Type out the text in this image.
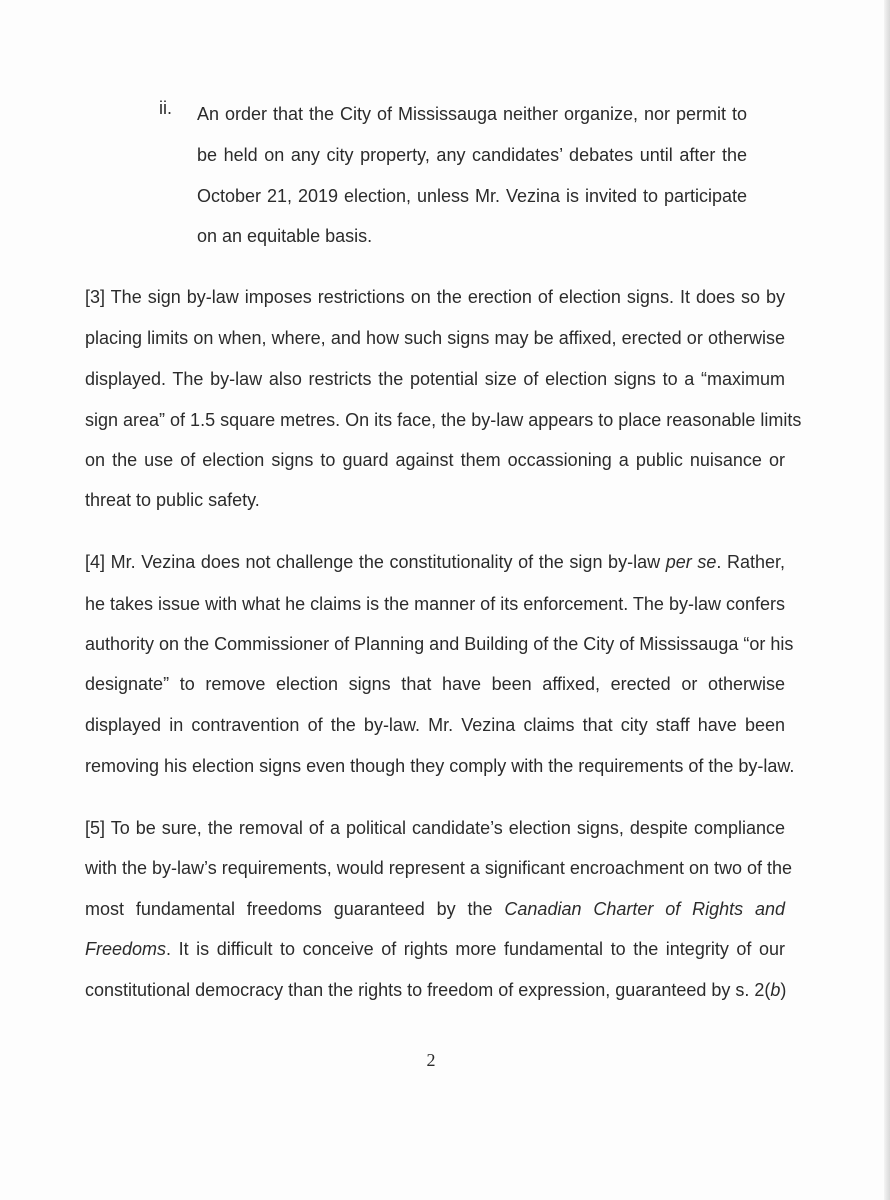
ii. An order that the City of Mississauga neither organize, nor permit to
be held on any city property, any candidates’ debates until after the
October 21, 2019 election, unless Mr. Vezina is invited to participate
on an equitable basis.
[3] The sign by-law imposes restrictions on the erection of election signs. It does so by
placing limits on when, where, and how such signs may be affixed, erected or otherwise
displayed. The by-law also restricts the potential size of election signs to a “maximum
sign area” of 1.5 square metres. On its face, the by-law appears to place reasonable limits
on the use of election signs to guard against them occassioning a public nuisance or
threat to public safety.
[4] Mr. Vezina does not challenge the constitutionality of the sign by-law per se. Rather,
he takes issue with what he claims is the manner of its enforcement. The by-law confers
authority on the Commissioner of Planning and Building of the City of Mississauga “or his
designate” to remove election signs that have been affixed, erected or otherwise
displayed in contravention of the by-law. Mr. Vezina claims that city staff have been
removing his election signs even though they comply with the requirements of the by-law.
[5] To be sure, the removal of a political candidate’s election signs, despite compliance
with the by-law’s requirements, would represent a significant encroachment on two of the
most fundamental freedoms guaranteed by the Canadian Charter of Rights and
Freedoms. It is difficult to conceive of rights more fundamental to the integrity of our
constitutional democracy than the rights to freedom of expression, guaranteed by s. 2(b)
2
